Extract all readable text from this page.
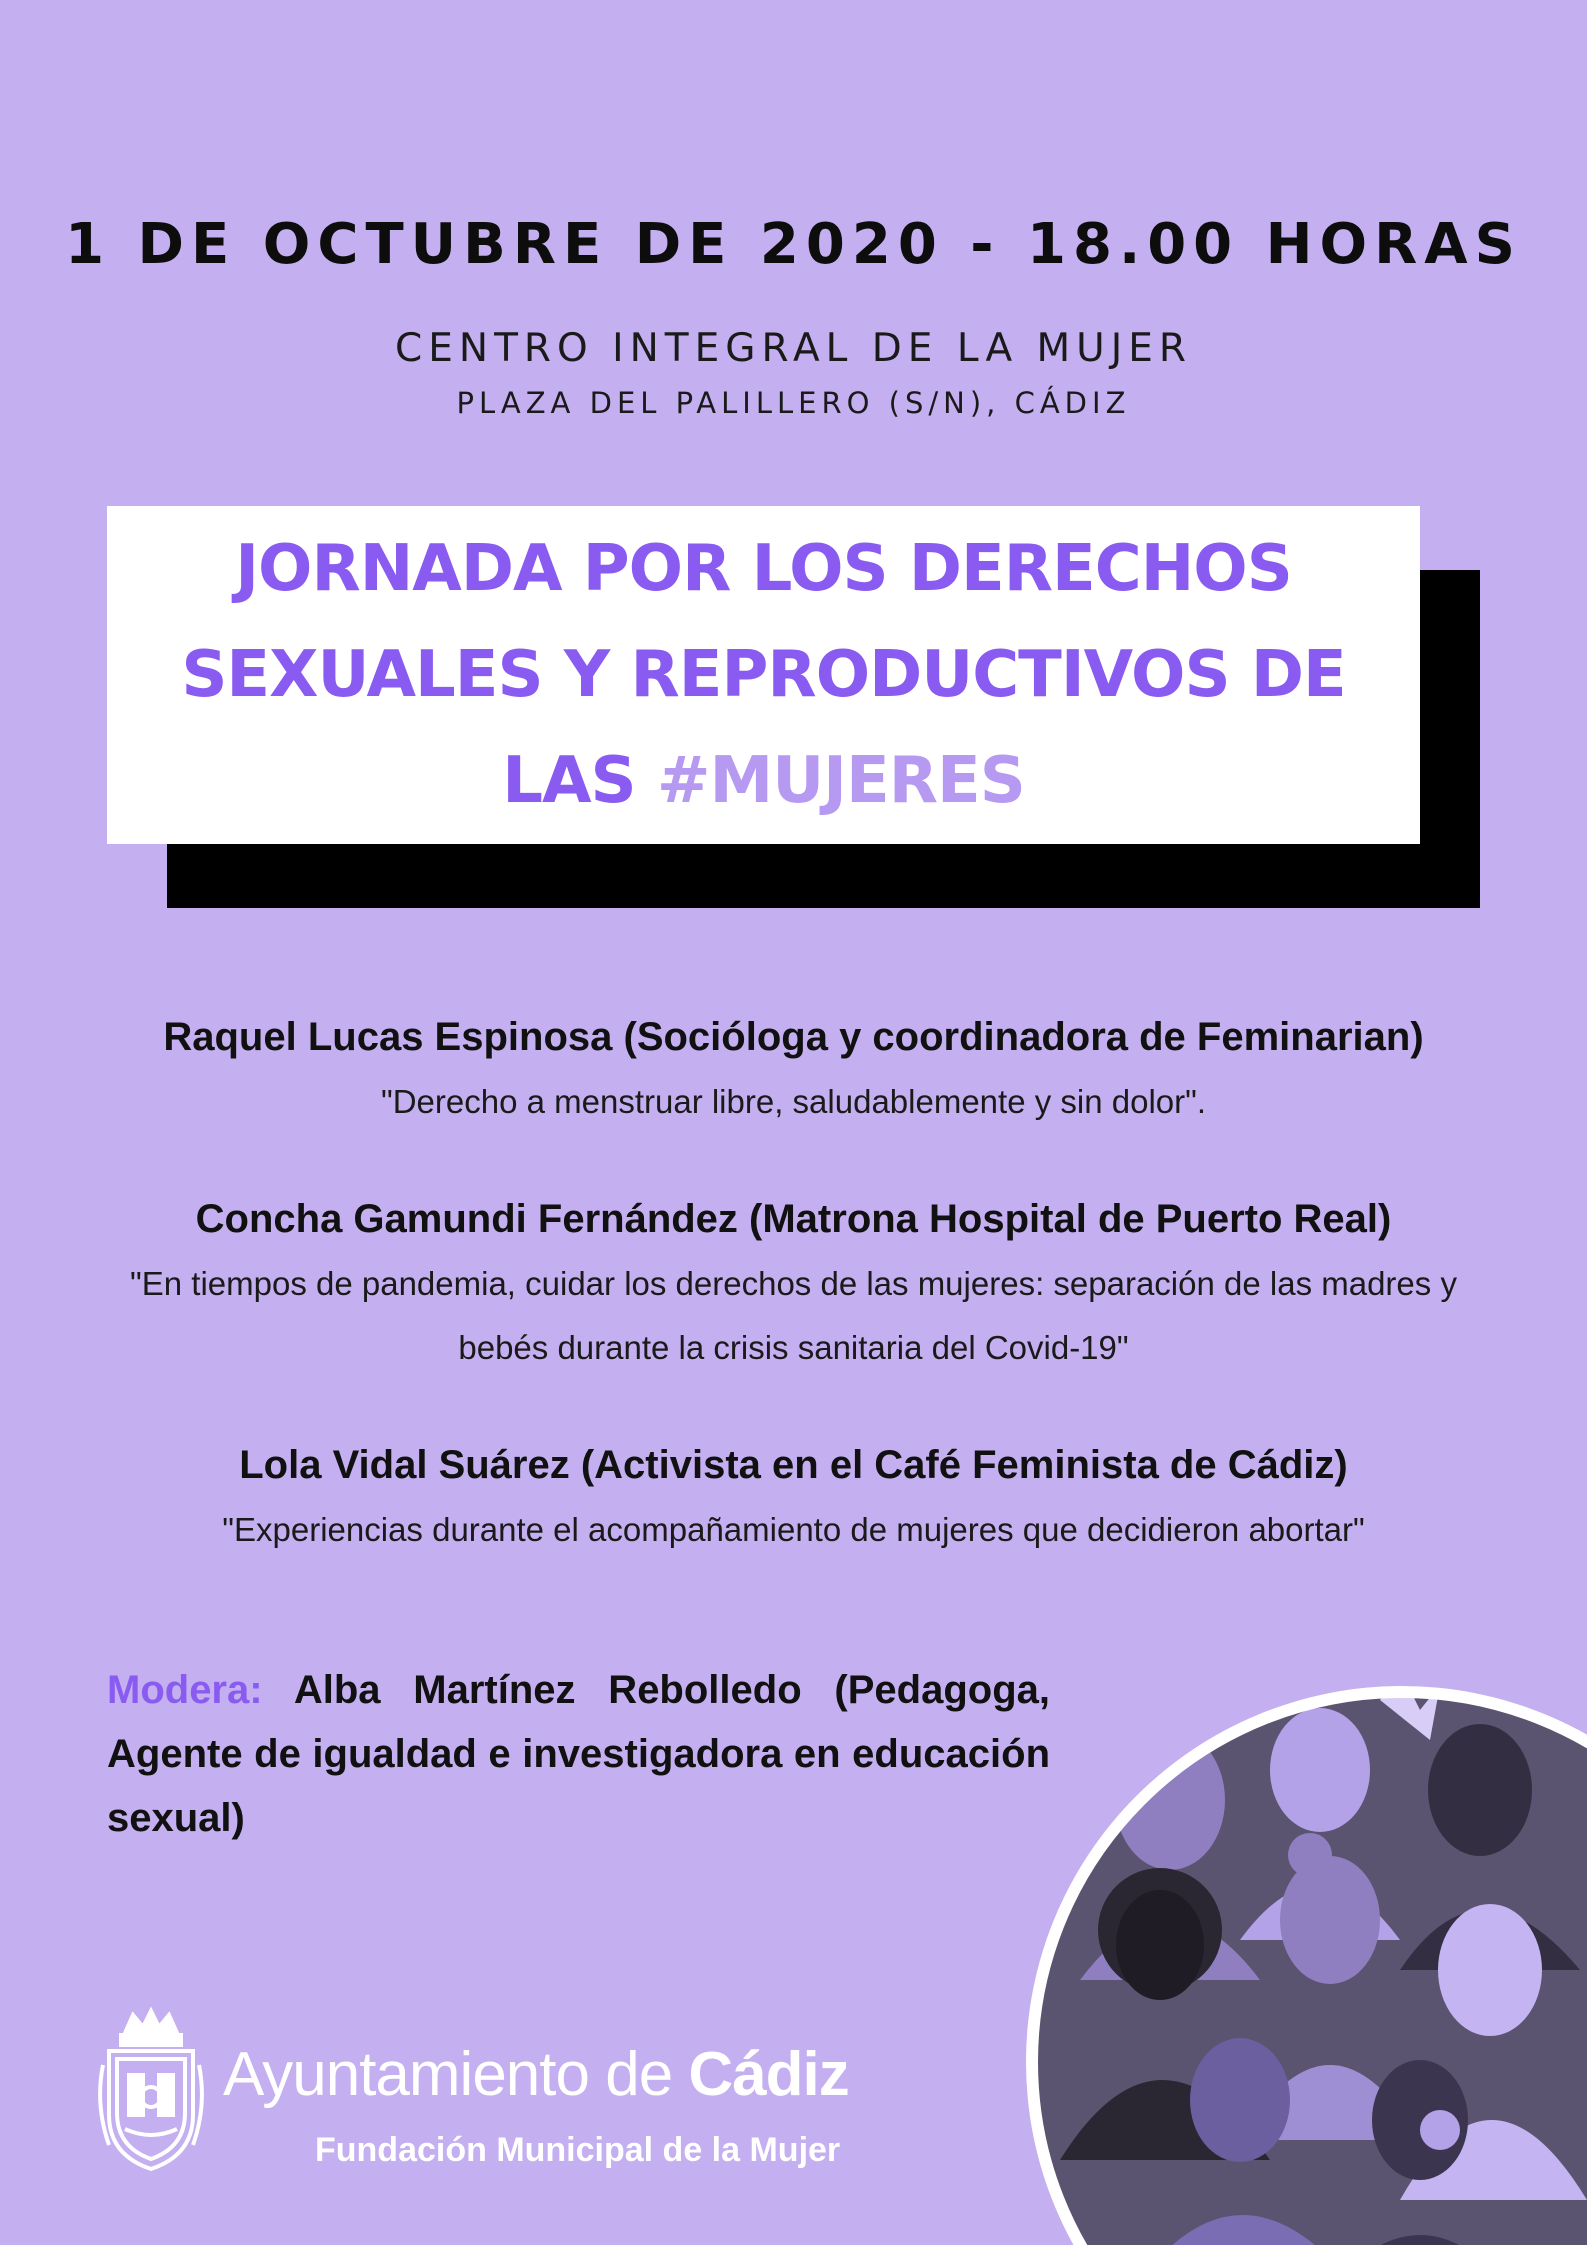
1 DE OCTUBRE DE 2020 - 18.00 HORAS
CENTRO INTEGRAL DE LA MUJER
PLAZA DEL PALILLERO (S/N), CÁDIZ
JORNADA POR LOS DERECHOS
SEXUALES Y REPRODUCTIVOS DE
LAS #MUJERES
Raquel Lucas Espinosa (Socióloga y coordinadora de Feminarian)
"Derecho a menstruar libre, saludablemente y sin dolor".
Concha Gamundi Fernández (Matrona Hospital de Puerto Real)
"En tiempos de pandemia, cuidar los derechos de las mujeres: separación de las madres y bebés durante la crisis sanitaria del Covid-19"
Lola Vidal Suárez (Activista en el Café Feminista de Cádiz)
"Experiencias durante el acompañamiento de mujeres que decidieron abortar"
Modera: Alba Martínez Rebolledo (Pedagoga, Agente de igualdad e investigadora en educación sexual)
Ayuntamiento de Cádiz
Fundación Municipal de la Mujer
